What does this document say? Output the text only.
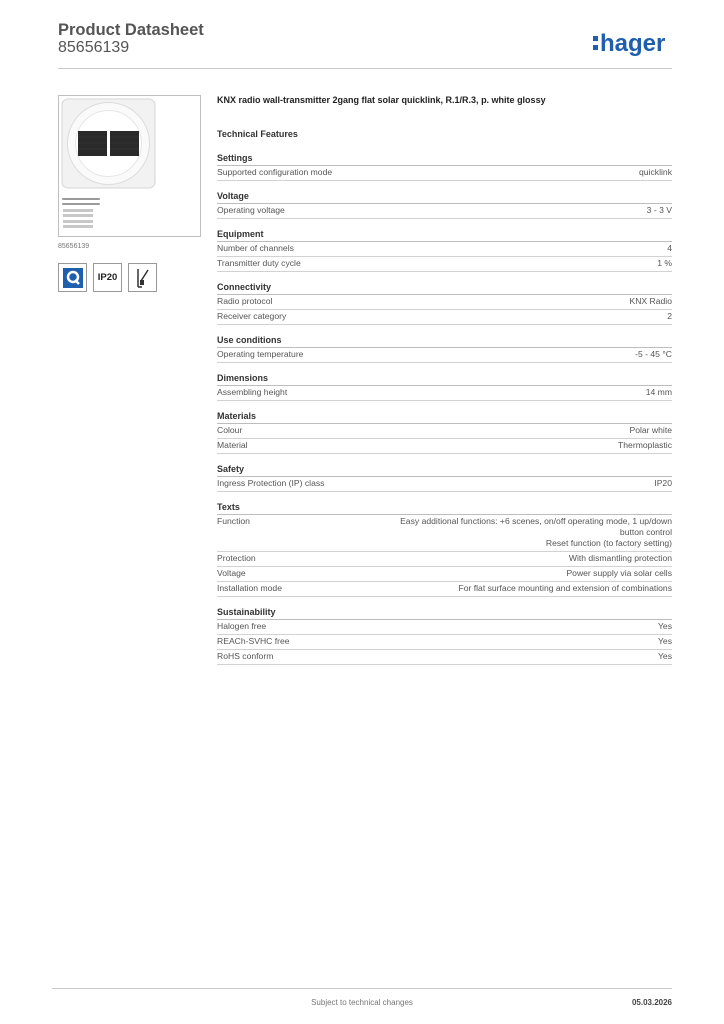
Product Datasheet
85656139	hager
85656139
IP20
KNX radio wall-transmitter 2gang flat solar quicklink, R.1/R.3, p. white glossy
Technical Features
Settings
Supported configuration mode	quicklink
Voltage
Operating voltage	3 - 3 V
Equipment
Number of channels	4
Transmitter duty cycle	1 %
Connectivity
Radio protocol	KNX Radio
Receiver category	2
Use conditions
Operating temperature	-5 - 45 °C
Dimensions
Assembling height	14 mm
Materials
Colour	Polar white
Material	Thermoplastic
Safety
Ingress Protection (IP) class	IP20
Texts
Function	Easy additional functions: +6 scenes, on/off operating mode, 1 up/down
button control
Reset function (to factory setting)
Protection	With dismantling protection
Voltage	Power supply via solar cells
Installation mode	For flat surface mounting and extension of combinations
Sustainability
Halogen free	Yes
REACh-SVHC free	Yes
RoHS conform	Yes
Subject to technical changes	05.03.2026
